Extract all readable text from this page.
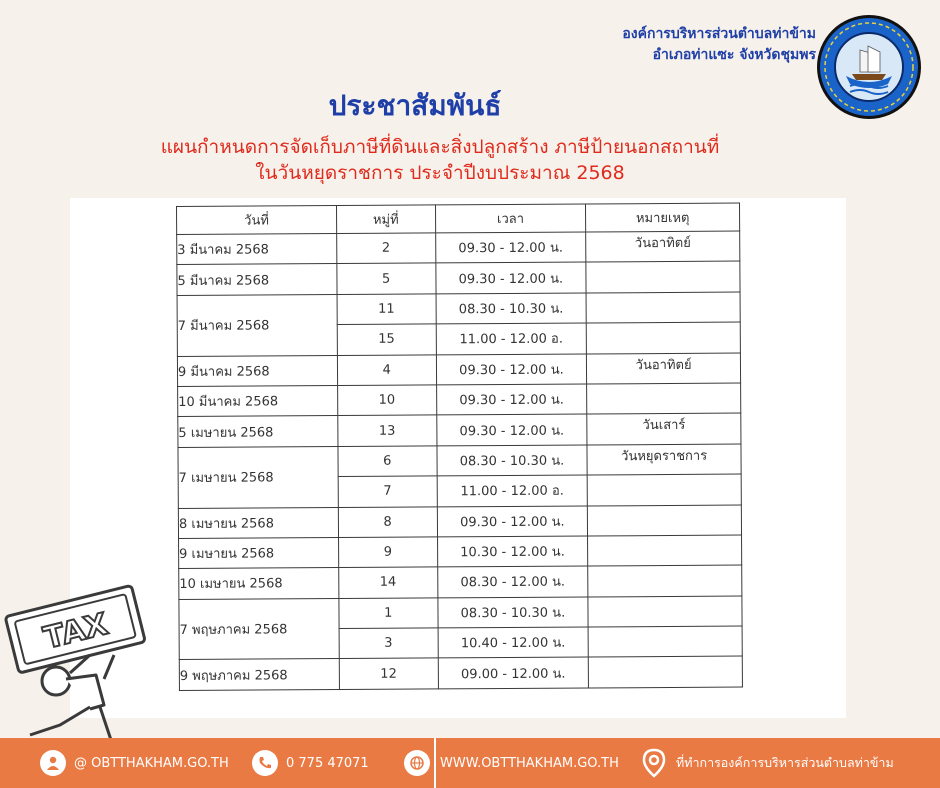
องค์การบริหารส่วนตำบลท่าข้าม
อำเภอท่าแซะ จังหวัดชุมพร
ประชาสัมพันธ์
แผนกำหนดการจัดเก็บภาษีที่ดินและสิ่งปลูกสร้าง ภาษีป้ายนอกสถานที่
ในวันหยุดราชการ ประจำปีงบประมาณ 2568
วันที่	หมู่ที่	เวลา	หมายเหตุ
3 มีนาคม 2568	2	09.30 - 12.00 น.	วันอาทิตย์
5 มีนาคม 2568	5	09.30 - 12.00 น.	
7 มีนาคม 2568	11	08.30 - 10.30 น.	
	15	11.00 - 12.00 อ.	
9 มีนาคม 2568	4	09.30 - 12.00 น.	วันอาทิตย์
10 มีนาคม 2568	10	09.30 - 12.00 น.	
5 เมษายน 2568	13	09.30 - 12.00 น.	วันเสาร์
7 เมษายน 2568	6	08.30 - 10.30 น.	วันหยุดราชการ
	7	11.00 - 12.00 อ.	
8 เมษายน 2568	8	09.30 - 12.00 น.	
9 เมษายน 2568	9	10.30 - 12.00 น.	
10 เมษายน 2568	14	08.30 - 12.00 น.	
7 พฤษภาคม 2568	1	08.30 - 10.30 น.	
	3	10.40 - 12.00 น.	
9 พฤษภาคม 2568	12	09.00 - 12.00 น.	
TAX
@ OBTTHAKHAM.GO.TH	0 775 47071	WWW.OBTTHAKHAM.GO.TH	ที่ทำการองค์การบริหารส่วนตำบลท่าข้าม
